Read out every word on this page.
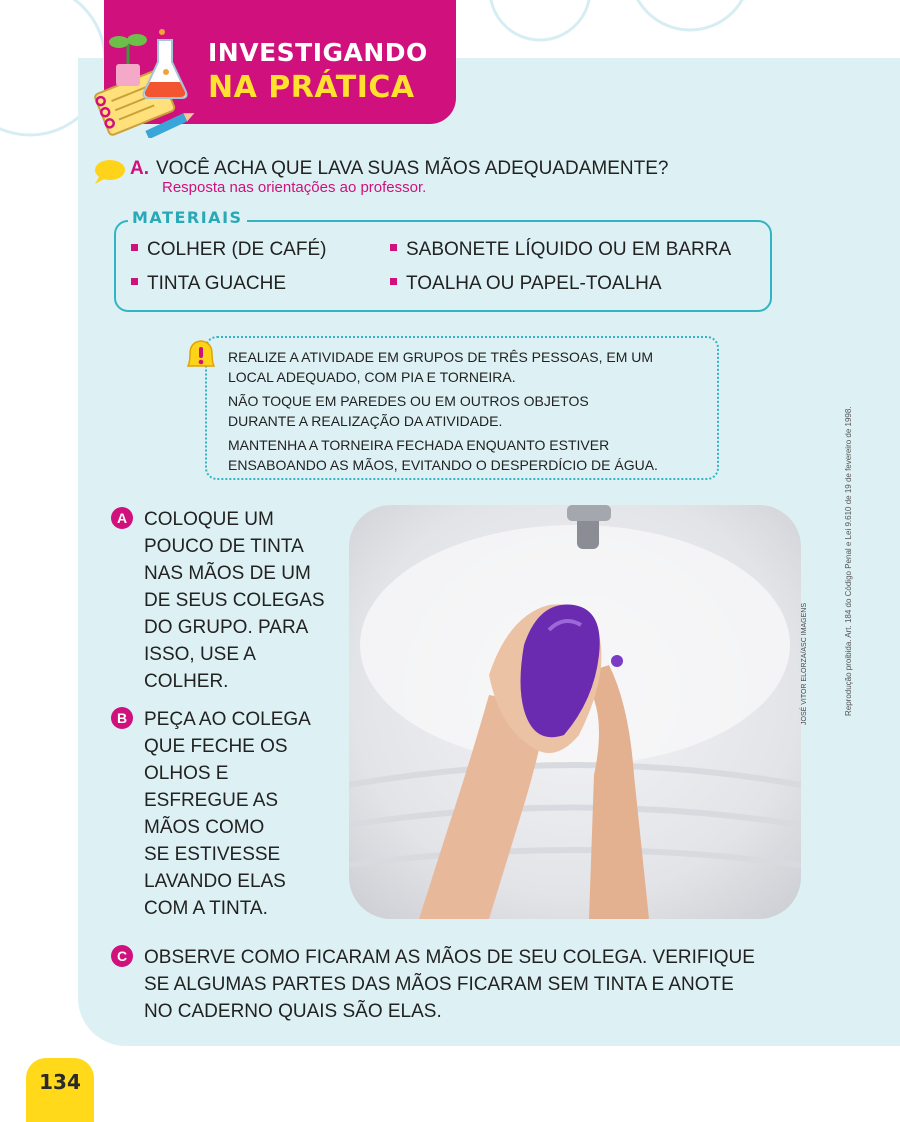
INVESTIGANDO
NA PRÁTICA
A. VOCÊ ACHA QUE LAVA SUAS MÃOS ADEQUADAMENTE?
Resposta nas orientações ao professor.
MATERIAIS
COLHER (DE CAFÉ)
TINTA GUACHE
SABONETE LÍQUIDO OU EM BARRA
TOALHA OU PAPEL-TOALHA
REALIZE A ATIVIDADE EM GRUPOS DE TRÊS PESSOAS, EM UM
LOCAL ADEQUADO, COM PIA E TORNEIRA.
NÃO TOQUE EM PAREDES OU EM OUTROS OBJETOS
DURANTE A REALIZAÇÃO DA ATIVIDADE.
MANTENHA A TORNEIRA FECHADA ENQUANTO ESTIVER
ENSABOANDO AS MÃOS, EVITANDO O DESPERDÍCIO DE ÁGUA.
A COLOQUE UM
POUCO DE TINTA
NAS MÃOS DE UM
DE SEUS COLEGAS
DO GRUPO. PARA
ISSO, USE A
COLHER.
B PEÇA AO COLEGA
QUE FECHE OS
OLHOS E
ESFREGUE AS
MÃOS COMO
SE ESTIVESSE
LAVANDO ELAS
COM A TINTA.
JOSÉ VITOR ELORZA/ASC IMAGENS	Reprodução proibida. Art. 184 do Código Penal e Lei 9.610 de 19 de fevereiro de 1998.
C OBSERVE COMO FICARAM AS MÃOS DE SEU COLEGA. VERIFIQUE
SE ALGUMAS PARTES DAS MÃOS FICARAM SEM TINTA E ANOTE
NO CADERNO QUAIS SÃO ELAS.
134
